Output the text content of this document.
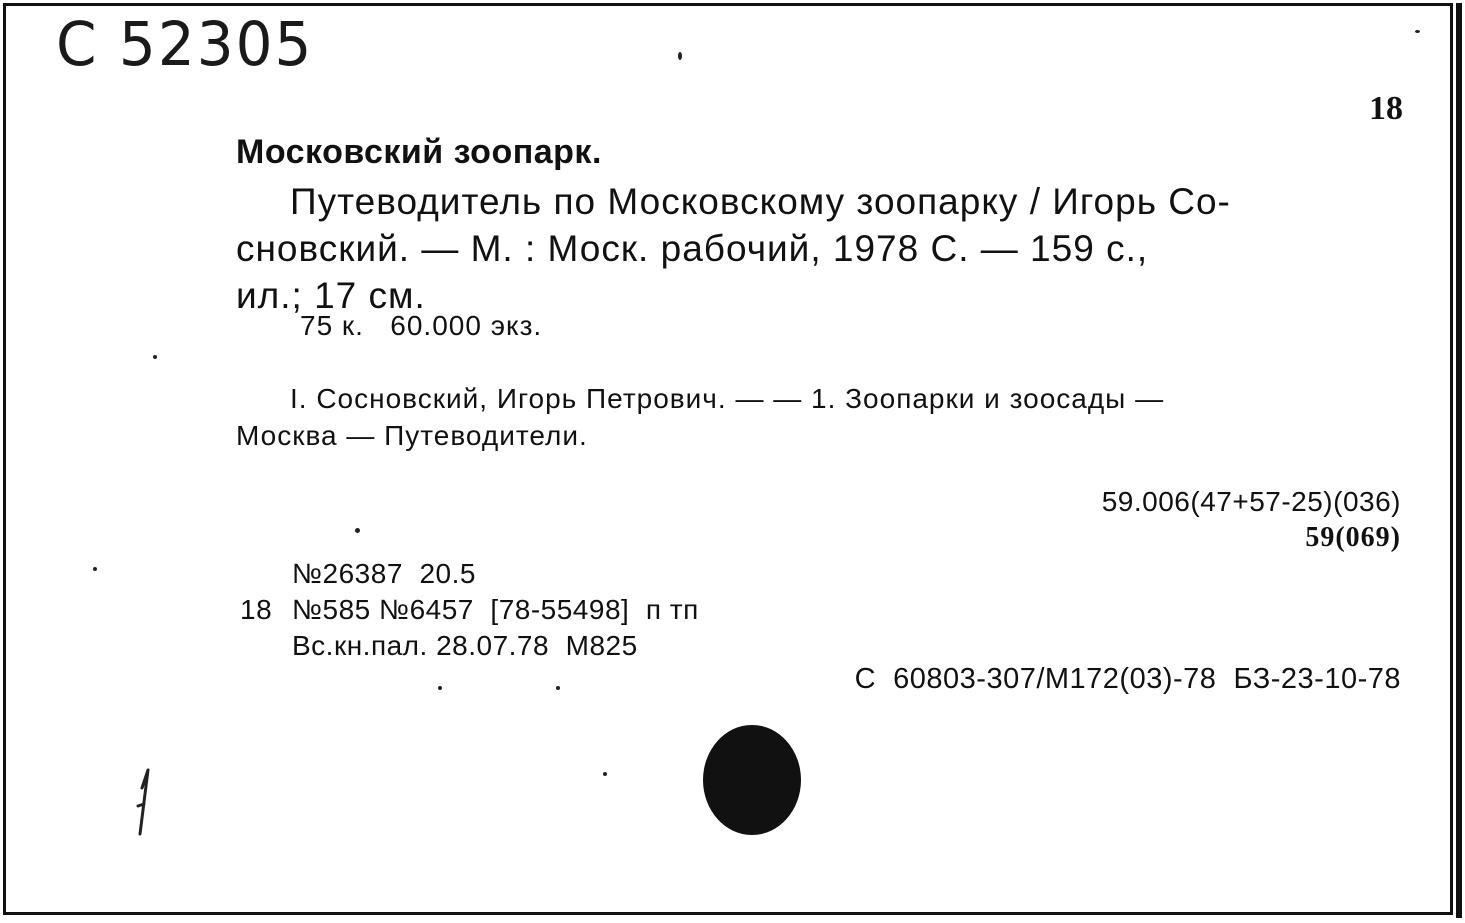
С 52305
18
Московский зоопарк.
Путеводитель по Московскому зоопарку / Игорь Со-
сновский. — М. : Моск. рабочий, 1978 С. — 159 с.,
ил.; 17 см.
75 к.   60.000 экз.
I. Сосновский, Игорь Петрович. — — 1. Зоопарки и зоосады —
Москва — Путеводители.
59.006(47+57-25)(036)
59(069)
18
№26387  20.5
№585 №6457  [78-55498]  п тп
Вс.кн.пал. 28.07.78  М825
С  60803-307/М172(03)-78  БЗ-23-10-78
